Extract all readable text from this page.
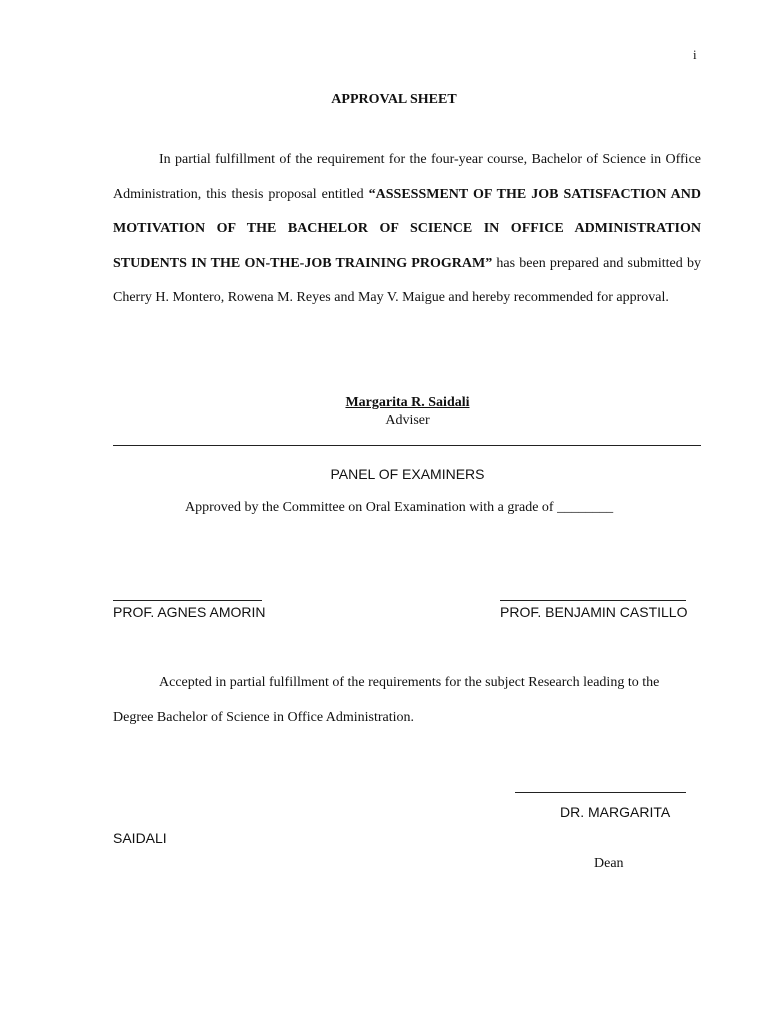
i
APPROVAL SHEET
In partial fulfillment of the requirement for the four-year course, Bachelor of Science in Office Administration, this thesis proposal entitled “ASSESSMENT OF THE JOB SATISFACTION AND MOTIVATION OF THE BACHELOR OF SCIENCE IN OFFICE ADMINISTRATION STUDENTS IN THE ON-THE-JOB TRAINING PROGRAM” has been prepared and submitted by Cherry H. Montero, Rowena M. Reyes and May V. Maigue and hereby recommended for approval.
Margarita R. Saidali
Adviser
PANEL OF EXAMINERS
Approved by the Committee on Oral Examination with a grade of ________
PROF. AGNES AMORIN	PROF. BENJAMIN CASTILLO
Accepted in partial fulfillment of the requirements for the subject Research leading to the Degree Bachelor of Science in Office Administration.
DR. MARGARITA
SAIDALI
Dean
